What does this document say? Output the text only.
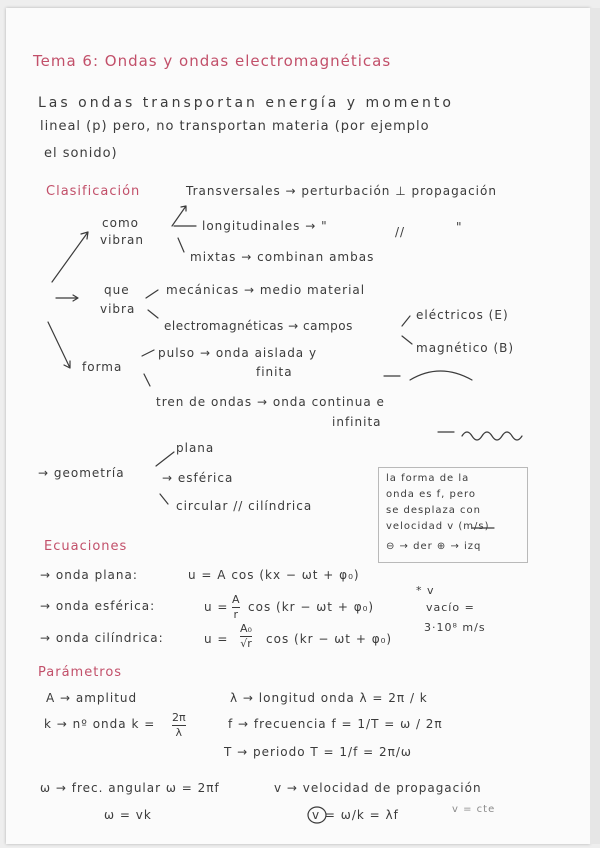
Tema 6: Ondas y ondas electromagnéticas
Las ondas transportan energía y momento
lineal (p) pero, no transportan materia (por ejemplo
el sonido)
Clasificación	Transversales → perturbación ⊥ propagación
como
vibran
longitudinales → "	//	"
mixtas → combinan ambas
que
vibra
mecánicas → medio material
electromagnéticas → campos
eléctricos (E)
magnético (B)
forma
pulso → onda aislada y
finita
tren de ondas → onda continua e
infinita
plana
→ geometría	→ esférica
circular // cilíndrica
la forma de la
onda es f, pero
se desplaza con
velocidad v (m/s)
⊖ → der ⊕ → izq
Ecuaciones
→ onda plana:	u = A cos (kx − ωt + φ₀)
→ onda esférica:	u =
A
r
cos (kr − ωt + φ₀)
→ onda cilíndrica:	u =
A₀
√r cos (kr − ωt + φ₀)
* v
vacío =
3·10⁸ m/s
Parámetros
A → amplitud
k → nº onda k = 2π
λ
λ → longitud onda λ = 2π / k
f → frecuencia f = 1/T = ω / 2π
T → periodo T = 1/f = 2π/ω
ω → frec. angular ω = 2πf	v → velocidad de propagación
ω = vk	v = ω/k = λf	v = cte
